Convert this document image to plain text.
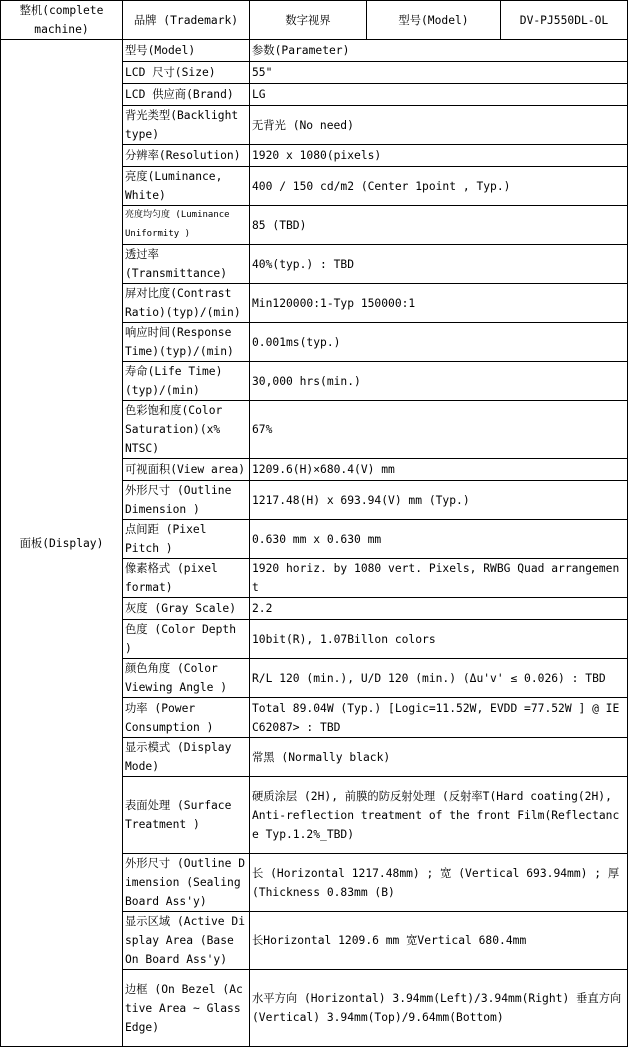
整机(complete machine)	品牌 (Trademark)	数字视界	型号(Model)	DV-PJ550DL-OL
面板(Display)	型号(Model)	参数(Parameter)		
	LCD 尺寸(Size)	55"		
	LCD 供应商(Brand)	LG		
	背光类型(Backlight type)	无背光 (No need)		
	分辨率(Resolution)	1920 x 1080(pixels)		
	亮度(Luminance, White)	400 / 150 cd/m2 (Center 1point , Typ.)		
	亮度均匀度 (Luminance Uniformity )	85 (TBD)		
	透过率(Transmittance)	40%(typ.) : TBD		
	屏对比度(Contrast Ratio)(typ)/(min)	Min120000:1-Typ 150000:1		
	响应时间(Response Time)(typ)/(min)	0.001ms(typ.)		
	寿命(Life Time)(typ)/(min)	30,000 hrs(min.)		
	色彩饱和度(Color Saturation)(x% NTSC)	67%		
	可视面积(View area)	1209.6(H)×680.4(V) mm		
	外形尺寸 (Outline Dimension )	1217.48(H) x 693.94(V) mm (Typ.)		
	点间距 (Pixel Pitch )	0.630 mm x 0.630 mm		
	像素格式 (pixel format)	1920 horiz. by 1080 vert. Pixels, RWBG Quad arrangement		
	灰度 (Gray Scale)	2.2		
	色度 (Color Depth )	10bit(R), 1.07Billon colors		
	颜色角度 (Color Viewing Angle )	R/L 120 (min.), U/D 120 (min.) (Δu'v' ≤ 0.026) : TBD		
	功率 (Power Consumption )	Total 89.04W (Typ.) [Logic=11.52W, EVDD =77.52W ] @ IEC62087> : TBD		
	显示模式 (Display Mode)	常黑 (Normally black)		
	表面处理 (Surface Treatment )	硬质涂层 (2H), 前膜的防反射处理 (反射率T(Hard coating(2H), Anti-reflection treatment of the front Film(Reflectance Typ.1.2%_TBD)		
	外形尺寸 (Outline Dimension (Sealing Board Ass'y)	长 (Horizontal 1217.48mm) ; 宽 (Vertical 693.94mm) ; 厚 (Thickness 0.83mm (B)		
	显示区域 (Active Display Area (Base On Board Ass'y)	长Horizontal 1209.6 mm 宽Vertical 680.4mm		
	边框 (On Bezel (Active Area ~ Glass Edge)	水平方向 (Horizontal) 3.94mm(Left)/3.94mm(Right) 垂直方向 (Vertical) 3.94mm(Top)/9.64mm(Bottom)		
